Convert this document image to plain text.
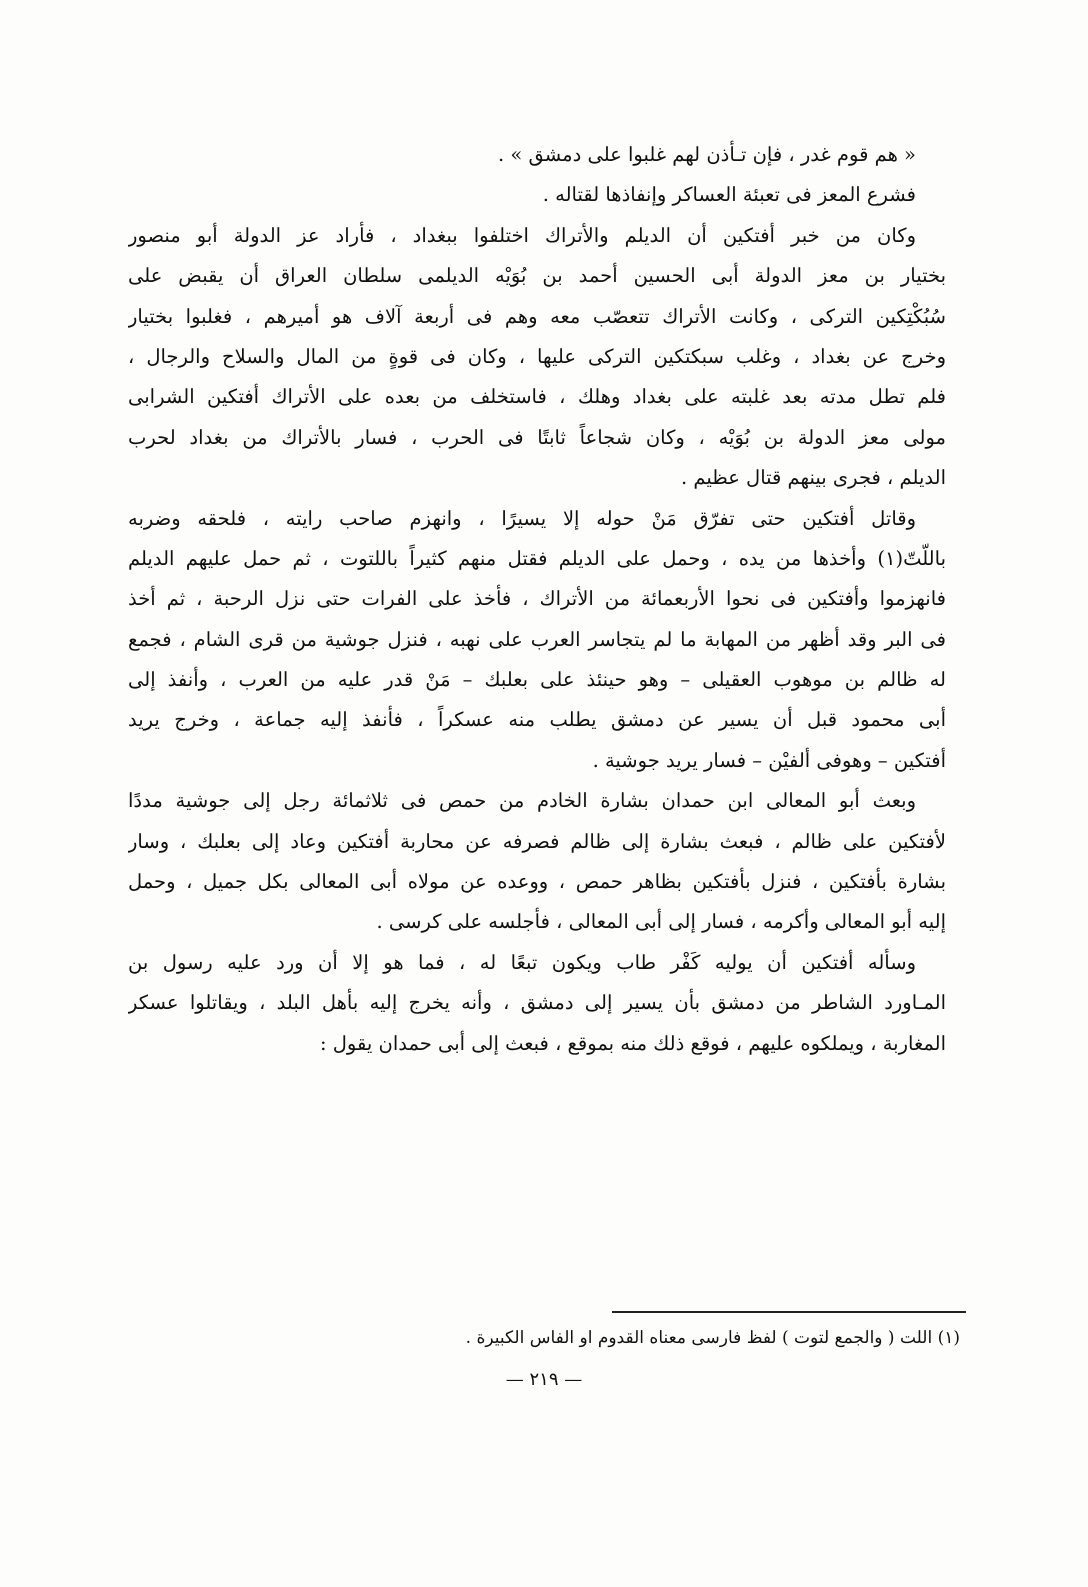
« هم قوم غدر ، فإن تـأذن لهم غلبوا على دمشق » .
فشرع المعز فى تعبئة العساكر وإنفاذها لقتاله .
وكان من خبر أفتكين أن الديلم والأتراك اختلفوا ببغداد ، فأراد عز الدولة أبو منصور
بختيار بن معز الدولة أبى الحسين أحمد بن بُوَيْه الديلمى سلطان العراق أن يقبض على
سُبُكْتِكين التركى ، وكانت الأتراك تتعصّب معه وهم فى أربعة آلاف هو أميرهم ، فغلبوا بختيار
وخرج عن بغداد ، وغلب سبكتكين التركى عليها ، وكان فى قوةٍ من المال والسلاح والرجال ،
فلم تطل مدته بعد غلبته على بغداد وهلك ، فاستخلف من بعده على الأتراك أفتكين الشرابى
مولى معز الدولة بن بُوَيْه ، وكان شجاعاً ثابتًا فى الحرب ، فسار بالأتراك من بغداد لحرب
الديلم ، فجرى بينهم قتال عظيم .
وقاتل أفتكين حتى تفرّق مَنْ حوله إلا يسيرًا ، وانهزم صاحب رايته ، فلحقه وضربه
باللّتّ(١) وأخذها من يده ، وحمل على الديلم فقتل منهم كثيراً باللتوت ، ثم حمل عليهم الديلم
فانهزموا وأفتكين فى نحوا الأربعمائة من الأتراك ، فأخذ على الفرات حتى نزل الرحبة ، ثم أخذ
فى البر وقد أظهر من المهابة ما لم يتجاسر العرب على نهبه ، فنزل جوشية من قرى الشام ، فجمع
له ظالم بن موهوب العقيلى – وهو حينئذ على بعلبك – مَنْ قدر عليه من العرب ، وأنفذ إلى
أبى محمود قبل أن يسير عن دمشق يطلب منه عسكراً ، فأنفذ إليه جماعة ، وخرج يريد
أفتكين – وهوفى ألفيْن – فسار يريد جوشية .
وبعث أبو المعالى ابن حمدان بشارة الخادم من حمص فى ثلاثمائة رجل إلى جوشية مددًا
لأفتكين على ظالم ، فبعث بشارة إلى ظالم فصرفه عن محاربة أفتكين وعاد إلى بعلبك ، وسار
بشارة بأفتكين ، فنزل بأفتكين بظاهر حمص ، ووعده عن مولاه أبى المعالى بكل جميل ، وحمل
إليه أبو المعالى وأكرمه ، فسار إلى أبى المعالى ، فأجلسه على كرسى .
وسأله أفتكين أن يوليه كَفْر طاب ويكون تبعًا له ، فما هو إلا أن ورد عليه رسول بن
المـاورد الشاطر من دمشق بأن يسير إلى دمشق ، وأنه يخرج إليه بأهل البلد ، ويقاتلوا عسكر
المغاربة ، ويملكوه عليهم ، فوقع ذلك منه بموقع ، فبعث إلى أبى حمدان يقول :
(١) اللت ( والجمع لتوت ) لفظ فارسى معناه القدوم او الفاس الكبيرة .
— ٢١٩ —
